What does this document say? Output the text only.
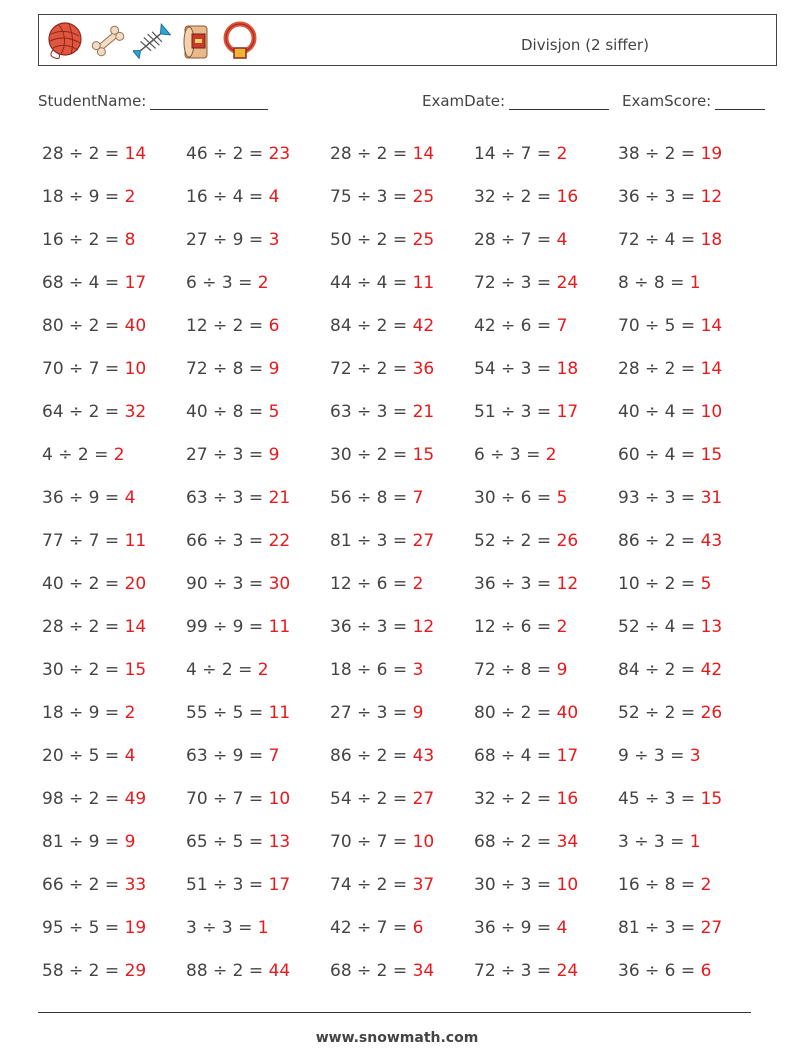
Divisjon (2 siffer)
StudentName:	ExamDate:	ExamScore:
28 ÷ 2 = 14	46 ÷ 2 = 23	28 ÷ 2 = 14	14 ÷ 7 = 2	38 ÷ 2 = 19
18 ÷ 9 = 2	16 ÷ 4 = 4	75 ÷ 3 = 25	32 ÷ 2 = 16	36 ÷ 3 = 12
16 ÷ 2 = 8	27 ÷ 9 = 3	50 ÷ 2 = 25	28 ÷ 7 = 4	72 ÷ 4 = 18
68 ÷ 4 = 17	6 ÷ 3 = 2	44 ÷ 4 = 11	72 ÷ 3 = 24	8 ÷ 8 = 1
80 ÷ 2 = 40	12 ÷ 2 = 6	84 ÷ 2 = 42	42 ÷ 6 = 7	70 ÷ 5 = 14
70 ÷ 7 = 10	72 ÷ 8 = 9	72 ÷ 2 = 36	54 ÷ 3 = 18	28 ÷ 2 = 14
64 ÷ 2 = 32	40 ÷ 8 = 5	63 ÷ 3 = 21	51 ÷ 3 = 17	40 ÷ 4 = 10
4 ÷ 2 = 2	27 ÷ 3 = 9	30 ÷ 2 = 15	6 ÷ 3 = 2	60 ÷ 4 = 15
36 ÷ 9 = 4	63 ÷ 3 = 21	56 ÷ 8 = 7	30 ÷ 6 = 5	93 ÷ 3 = 31
77 ÷ 7 = 11	66 ÷ 3 = 22	81 ÷ 3 = 27	52 ÷ 2 = 26	86 ÷ 2 = 43
40 ÷ 2 = 20	90 ÷ 3 = 30	12 ÷ 6 = 2	36 ÷ 3 = 12	10 ÷ 2 = 5
28 ÷ 2 = 14	99 ÷ 9 = 11	36 ÷ 3 = 12	12 ÷ 6 = 2	52 ÷ 4 = 13
30 ÷ 2 = 15	4 ÷ 2 = 2	18 ÷ 6 = 3	72 ÷ 8 = 9	84 ÷ 2 = 42
18 ÷ 9 = 2	55 ÷ 5 = 11	27 ÷ 3 = 9	80 ÷ 2 = 40	52 ÷ 2 = 26
20 ÷ 5 = 4	63 ÷ 9 = 7	86 ÷ 2 = 43	68 ÷ 4 = 17	9 ÷ 3 = 3
98 ÷ 2 = 49	70 ÷ 7 = 10	54 ÷ 2 = 27	32 ÷ 2 = 16	45 ÷ 3 = 15
81 ÷ 9 = 9	65 ÷ 5 = 13	70 ÷ 7 = 10	68 ÷ 2 = 34	3 ÷ 3 = 1
66 ÷ 2 = 33	51 ÷ 3 = 17	74 ÷ 2 = 37	30 ÷ 3 = 10	16 ÷ 8 = 2
95 ÷ 5 = 19	3 ÷ 3 = 1	42 ÷ 7 = 6	36 ÷ 9 = 4	81 ÷ 3 = 27
58 ÷ 2 = 29	88 ÷ 2 = 44	68 ÷ 2 = 34	72 ÷ 3 = 24	36 ÷ 6 = 6
www.snowmath.com
